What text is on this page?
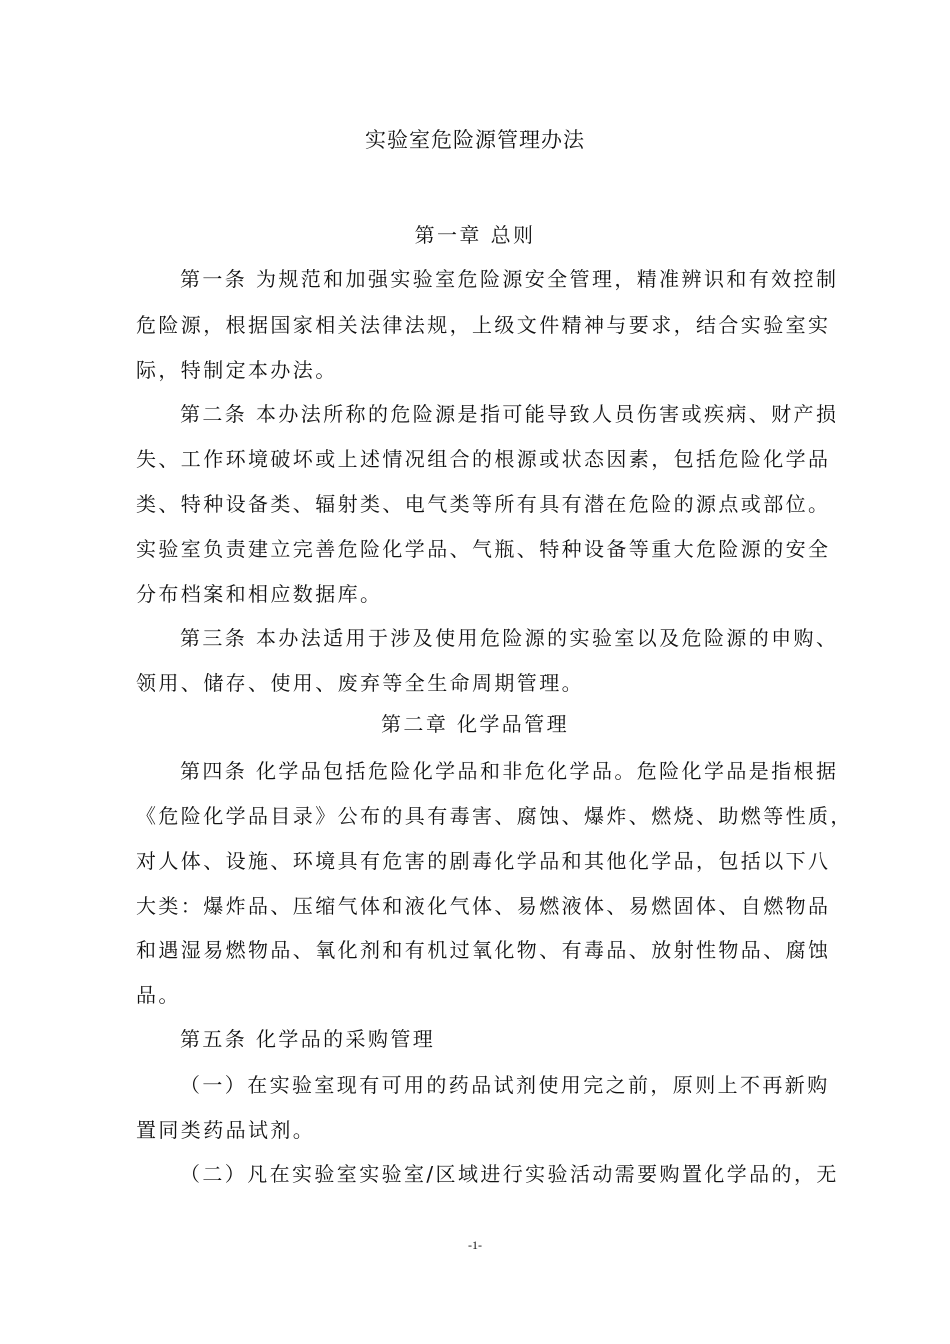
实验室危险源管理办法
第一章 总则
第一条 为规范和加强实验室危险源安全管理，精准辨识和有效控制
危险源，根据国家相关法律法规，上级文件精神与要求，结合实验室实
际，特制定本办法。
第二条 本办法所称的危险源是指可能导致人员伤害或疾病、财产损
失、工作环境破坏或上述情况组合的根源或状态因素，包括危险化学品
类、特种设备类、辐射类、电气类等所有具有潜在危险的源点或部位。
实验室负责建立完善危险化学品、气瓶、特种设备等重大危险源的安全
分布档案和相应数据库。
第三条 本办法适用于涉及使用危险源的实验室以及危险源的申购、
领用、储存、使用、废弃等全生命周期管理。
第二章 化学品管理
第四条 化学品包括危险化学品和非危化学品。危险化学品是指根据
《危险化学品目录》公布的具有毒害、腐蚀、爆炸、燃烧、助燃等性质，
对人体、设施、环境具有危害的剧毒化学品和其他化学品，包括以下八
大类：爆炸品、压缩气体和液化气体、易燃液体、易燃固体、自燃物品
和遇湿易燃物品、氧化剂和有机过氧化物、有毒品、放射性物品、腐蚀
品。
第五条 化学品的采购管理
（一）在实验室现有可用的药品试剂使用完之前，原则上不再新购
置同类药品试剂。
（二）凡在实验室实验室/区域进行实验活动需要购置化学品的，无
-1-
